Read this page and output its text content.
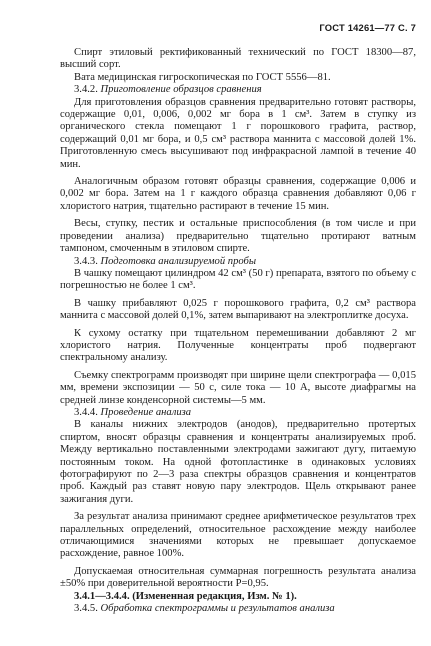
ГОСТ 14261—77 С. 7

Спирт этиловый ректификованный технический по ГОСТ 18300—87, высший сорт.

Вата медицинская гигроскопическая по ГОСТ 5556—81.

3.4.2. Приготовление образцов сравнения

Для приготовления образцов сравнения предварительно готовят растворы, содержащие 0,01, 0,006, 0,002 мг бора в 1 см³. Затем в ступку из органического стекла помещают 1 г порошкового графита, раствор, содержащий 0,01 мг бора, и 0,5 см³ раствора маннита с массовой долей 1%. Приготовленную смесь высушивают под инфракрасной лампой в течение 40 мин.

Аналогичным образом готовят образцы сравнения, содержащие 0,006 и 0,002 мг бора. Затем на 1 г каждого образца сравнения добавляют 0,06 г хлористого натрия, тщательно растирают в течение 15 мин.

Весы, ступку, пестик и остальные приспособления (в том числе и при проведении анализа) предварительно тщательно протирают ватным тампоном, смоченным в этиловом спирте.

3.4.3. Подготовка анализируемой пробы

В чашку помещают цилиндром 42 см³ (50 г) препарата, взятого по объему с погрешностью не более 1 см³.

В чашку прибавляют 0,025 г порошкового графита, 0,2 см³ раствора маннита с массовой долей 0,1%, затем выпаривают на электроплитке досуха.

К сухому остатку при тщательном перемешивании добавляют 2 мг хлористого натрия. Полученные концентраты проб подвергают спектральному анализу.

Съемку спектрограмм производят при ширине щели спектрографа — 0,015 мм, времени экспозиции — 50 с, силе тока — 10 А, высоте диафрагмы на средней линзе конденсорной системы—5 мм.

3.4.4. Проведение анализа

В каналы нижних электродов (анодов), предварительно протертых спиртом, вносят образцы сравнения и концентраты анализируемых проб. Между вертикально поставленными электродами зажигают дугу, питаемую постоянным током. На одной фотопластинке в одинаковых условиях фотографируют по 2—3 раза спектры образцов сравнения и концентратов проб. Каждый раз ставят новую пару электродов. Щель открывают ранее зажигания дуги.

За результат анализа принимают среднее арифметическое результатов трех параллельных определений, относительное расхождение между наиболее отличающимися значениями которых не превышает допускаемое расхождение, равное 100%.

Допускаемая относительная суммарная погрешность результата анализа ±50% при доверительной вероятности P=0,95.

3.4.1—3.4.4. (Измененная редакция, Изм. № 1).

3.4.5. Обработка спектрограммы и результатов анализа
